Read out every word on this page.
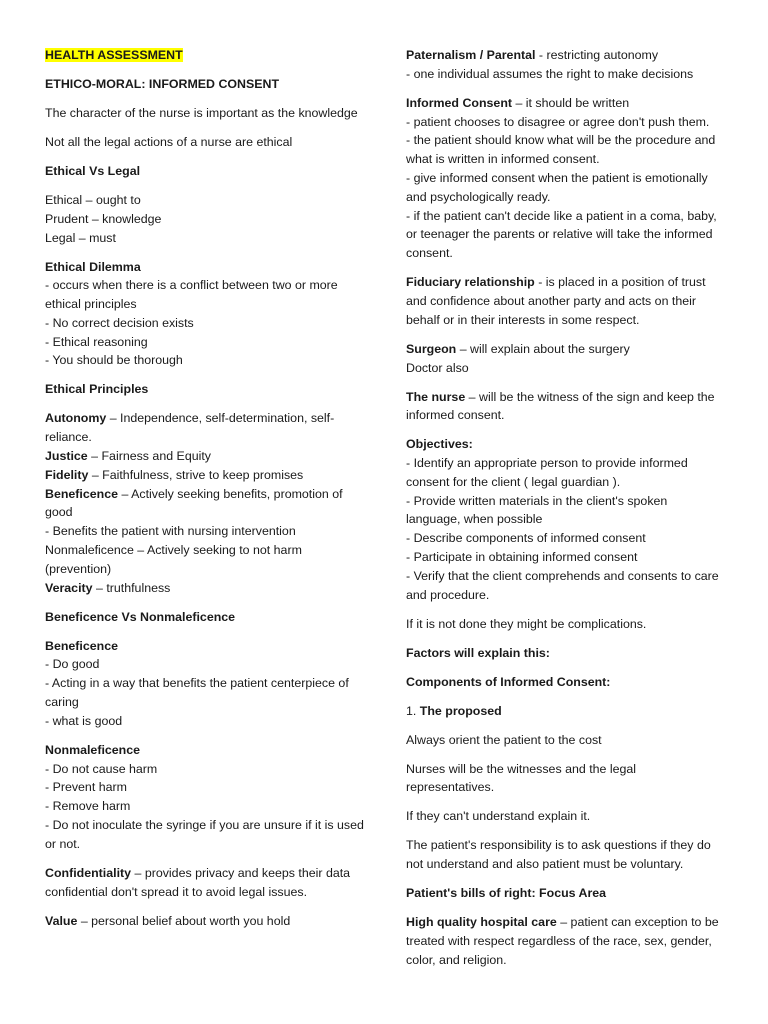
HEALTH ASSESSMENT
ETHICO-MORAL: INFORMED CONSENT
The character of the nurse is important as the knowledge
Not all the legal actions of a nurse are ethical
Ethical Vs Legal
Ethical – ought to
Prudent – knowledge
Legal – must
Ethical Dilemma
- occurs when there is a conflict between two or more ethical principles
- No correct decision exists
- Ethical reasoning
- You should be thorough
Ethical Principles
Autonomy – Independence, self-determination, self-reliance.
Justice – Fairness and Equity
Fidelity – Faithfulness, strive to keep promises
Beneficence – Actively seeking benefits, promotion of good
- Benefits the patient with nursing intervention
Nonmaleficence – Actively seeking to not harm (prevention)
Veracity – truthfulness
Beneficence Vs Nonmaleficence
Beneficence
- Do good
- Acting in a way that benefits the patient centerpiece of caring
- what is good
Nonmaleficence
- Do not cause harm
- Prevent harm
- Remove harm
- Do not inoculate the syringe if you are unsure if it is used or not.
Confidentiality – provides privacy and keeps their data confidential don't spread it to avoid legal issues.
Value – personal belief about worth you hold
Paternalism / Parental - restricting autonomy
- one individual assumes the right to make decisions
Informed Consent – it should be written
- patient chooses to disagree or agree don't push them.
- the patient should know what will be the procedure and what is written in informed consent.
- give informed consent when the patient is emotionally and psychologically ready.
- if the patient can't decide like a patient in a coma, baby, or teenager the parents or relative will take the informed consent.
Fiduciary relationship - is placed in a position of trust and confidence about another party and acts on their behalf or in their interests in some respect.
Surgeon – will explain about the surgery
Doctor also
The nurse – will be the witness of the sign and keep the informed consent.
Objectives:
- Identify an appropriate person to provide informed consent for the client ( legal guardian ).
- Provide written materials in the client's spoken language, when possible
- Describe components of informed consent
- Participate in obtaining informed consent
- Verify that the client comprehends and consents to care and procedure.
If it is not done they might be complications.
Factors will explain this:
Components of Informed Consent:
1. The proposed
Always orient the patient to the cost
Nurses will be the witnesses and the legal representatives.
If they can't understand explain it.
The patient's responsibility is to ask questions if they do not understand and also patient must be voluntary.
Patient's bills of right: Focus Area
High quality hospital care – patient can exception to be treated with respect regardless of the race, sex, gender, color, and religion.
